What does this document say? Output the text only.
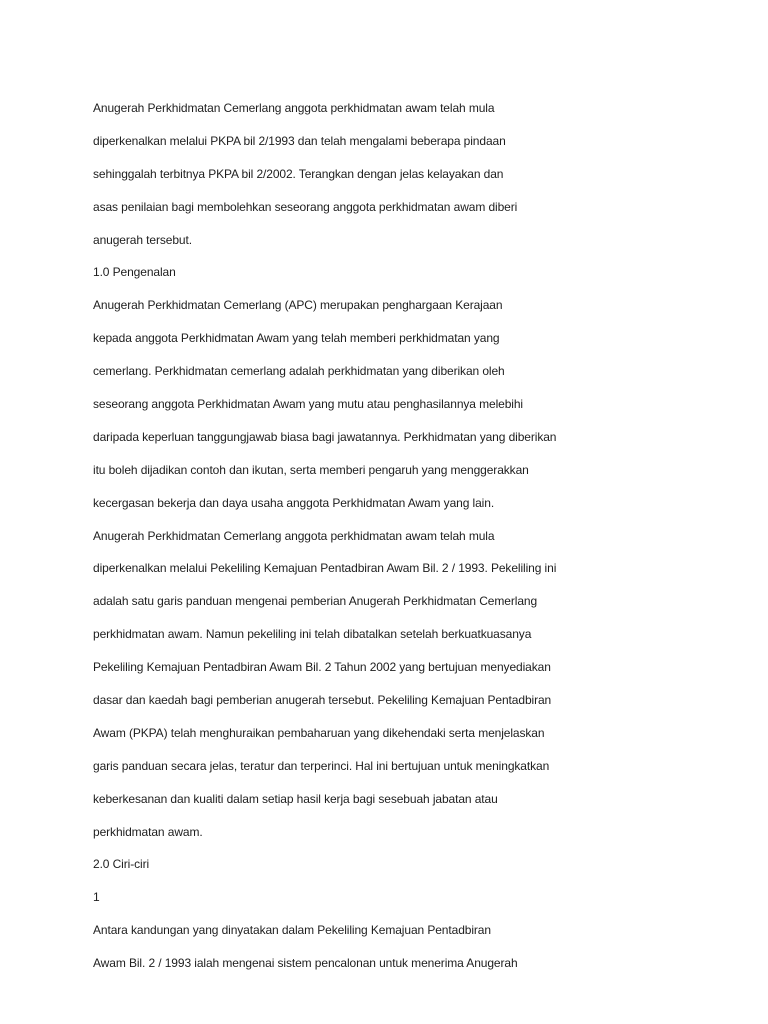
Anugerah Perkhidmatan Cemerlang anggota perkhidmatan awam telah mula
diperkenalkan melalui PKPA bil 2/1993 dan telah mengalami beberapa pindaan
sehinggalah terbitnya PKPA bil 2/2002. Terangkan dengan jelas kelayakan dan
asas penilaian bagi membolehkan seseorang anggota perkhidmatan awam diberi
anugerah tersebut.
1.0 Pengenalan
Anugerah Perkhidmatan Cemerlang (APC) merupakan penghargaan Kerajaan
kepada anggota Perkhidmatan Awam yang telah memberi perkhidmatan yang
cemerlang. Perkhidmatan cemerlang adalah perkhidmatan yang diberikan oleh
seseorang anggota Perkhidmatan Awam yang mutu atau penghasilannya melebihi
daripada keperluan tanggungjawab biasa bagi jawatannya. Perkhidmatan yang diberikan
itu boleh dijadikan contoh dan ikutan, serta memberi pengaruh yang menggerakkan
kecergasan bekerja dan daya usaha anggota Perkhidmatan Awam yang lain.
Anugerah Perkhidmatan Cemerlang anggota perkhidmatan awam telah mula
diperkenalkan melalui Pekeliling Kemajuan Pentadbiran Awam Bil. 2 / 1993. Pekeliling ini
adalah satu garis panduan mengenai pemberian Anugerah Perkhidmatan Cemerlang
perkhidmatan awam. Namun pekeliling ini telah dibatalkan setelah berkuatkuasanya
Pekeliling Kemajuan Pentadbiran Awam Bil. 2 Tahun 2002 yang bertujuan menyediakan
dasar dan kaedah bagi pemberian anugerah tersebut. Pekeliling Kemajuan Pentadbiran
Awam (PKPA) telah menghuraikan pembaharuan yang dikehendaki serta menjelaskan
garis panduan secara jelas, teratur dan terperinci. Hal ini bertujuan untuk meningkatkan
keberkesanan dan kualiti dalam setiap hasil kerja bagi sesebuah jabatan atau
perkhidmatan awam.
2.0 Ciri-ciri
1
Antara kandungan yang dinyatakan dalam Pekeliling Kemajuan Pentadbiran
Awam Bil. 2 / 1993 ialah mengenai sistem pencalonan untuk menerima Anugerah
